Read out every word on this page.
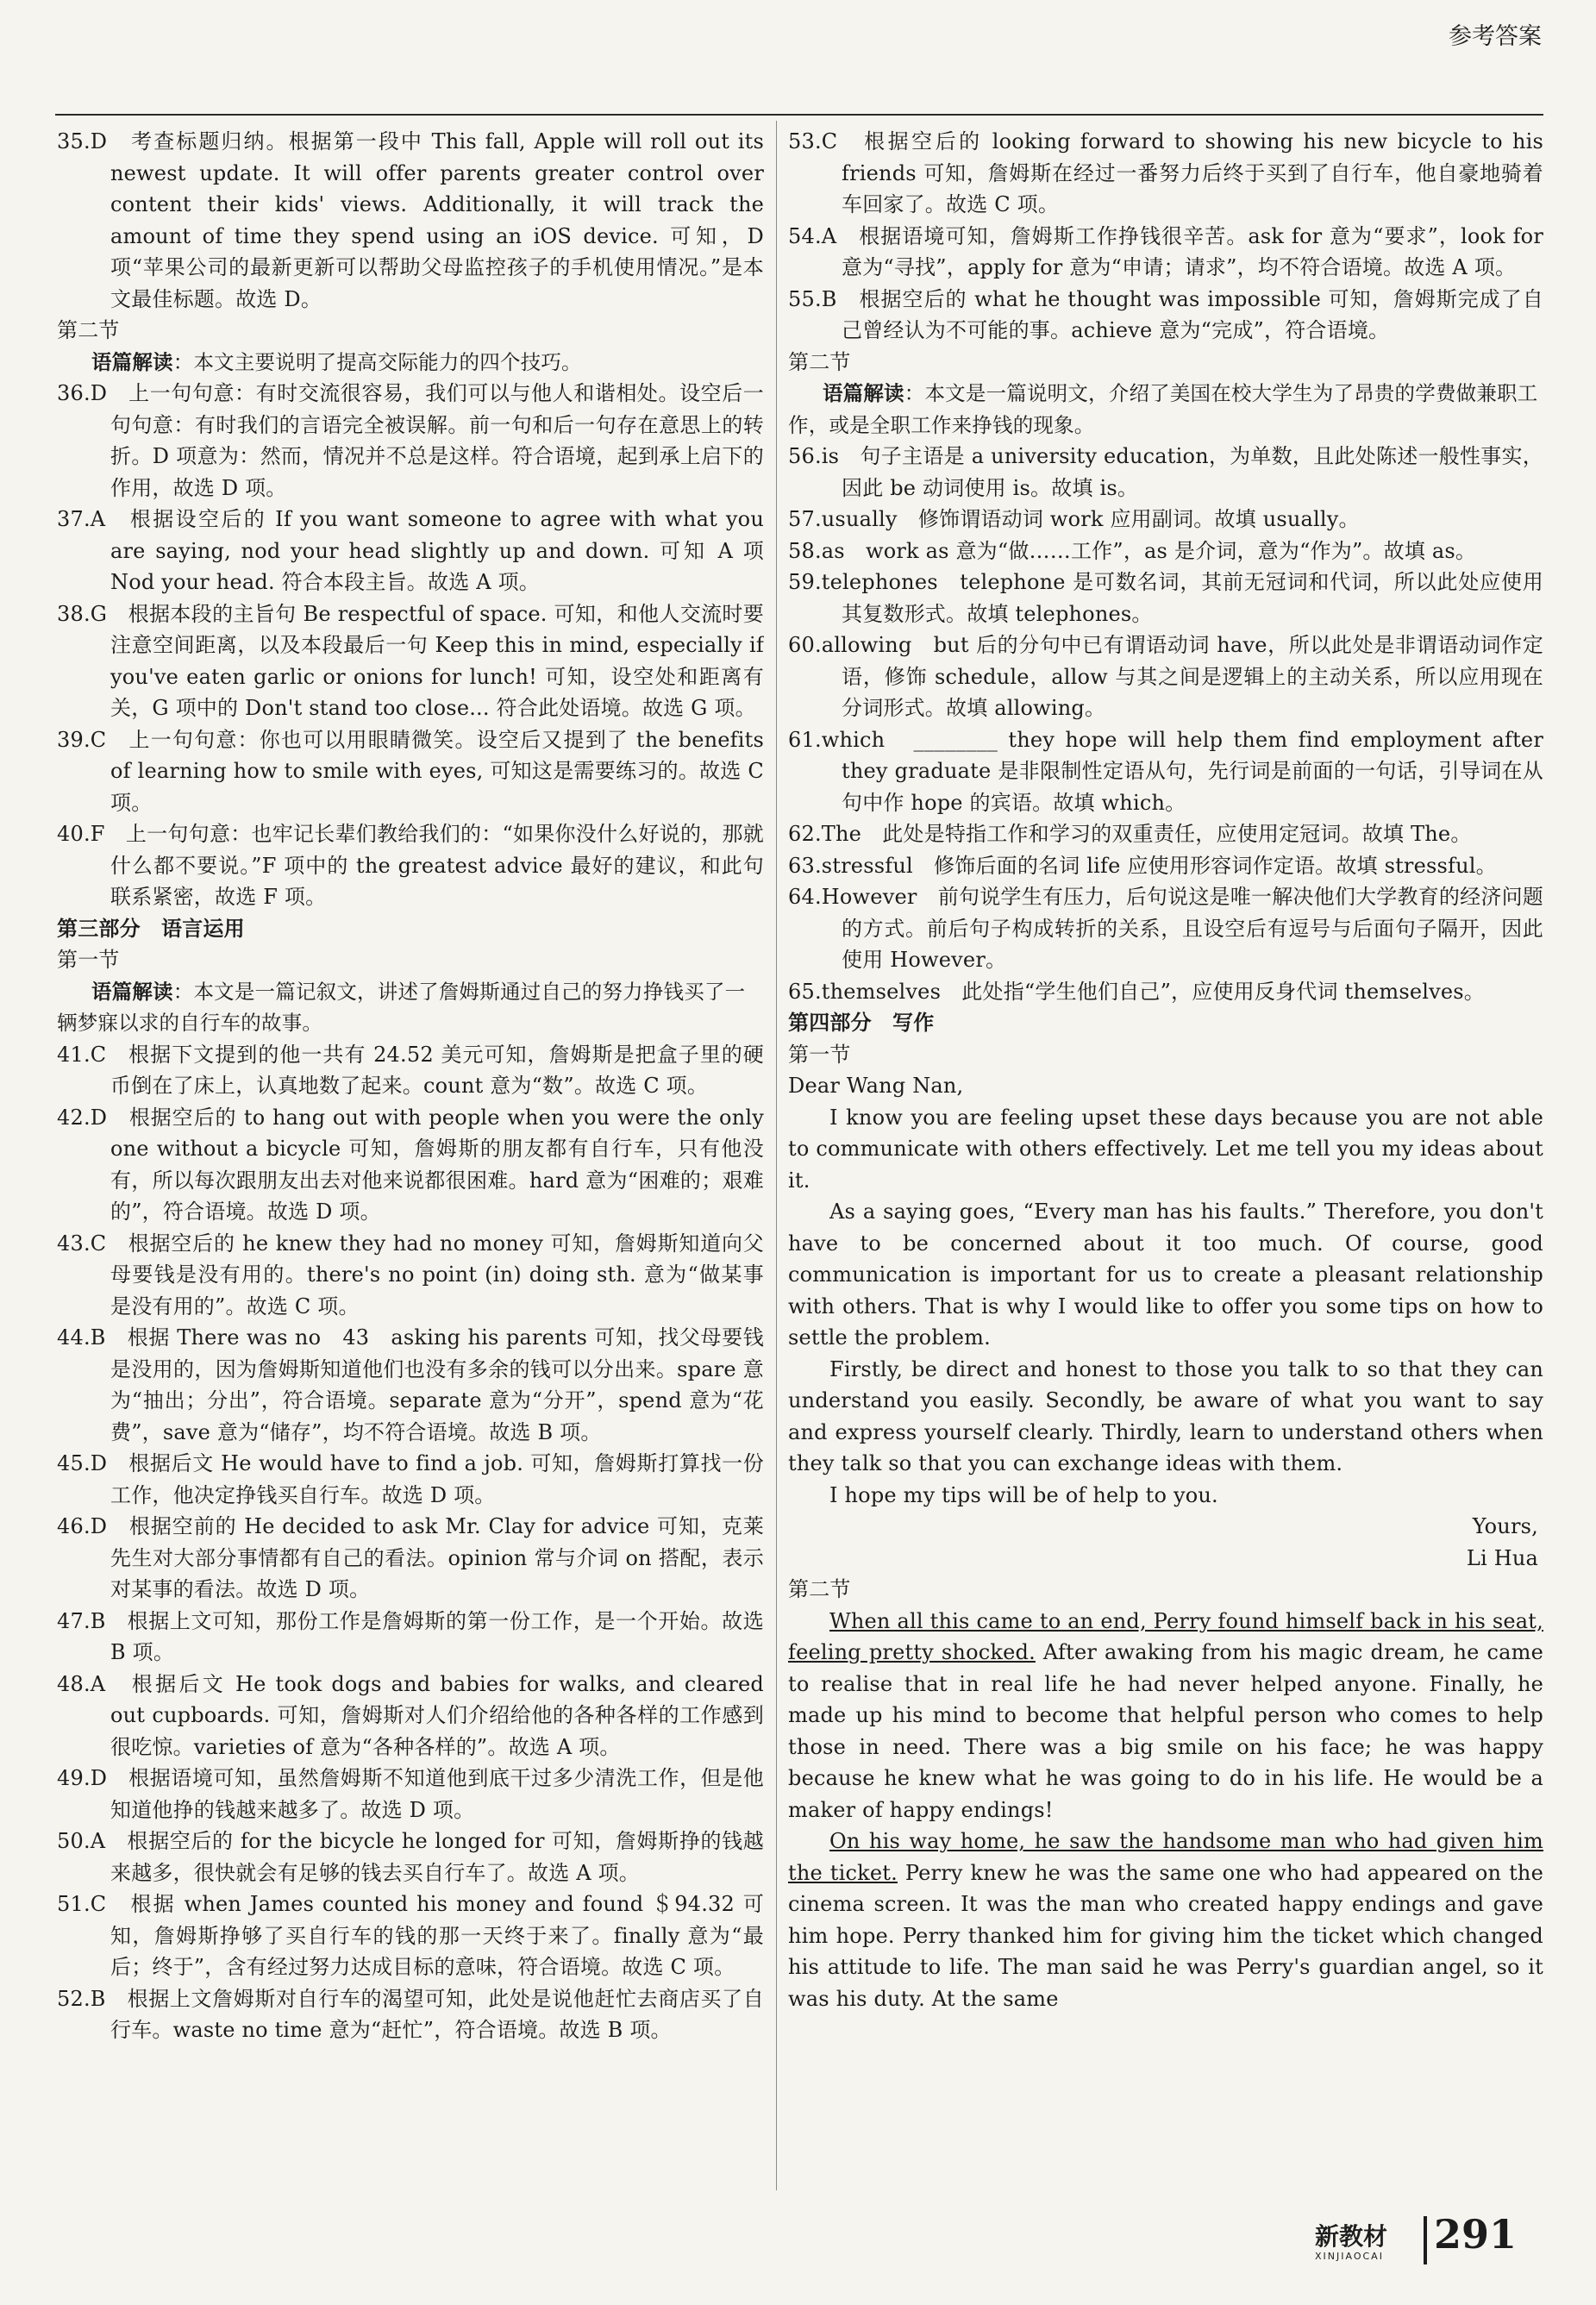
参考答案

35.D　考查标题归纳。根据第一段中 This fall, Apple will roll out its newest update. It will offer parents greater control over content their kids' views. Additionally, it will track the amount of time they spend using an iOS device. 可知，D 项“苹果公司的最新更新可以帮助父母监控孩子的手机使用情况。”是本文最佳标题。故选 D。

第二节

语篇解读：本文主要说明了提高交际能力的四个技巧。

36.D　上一句句意：有时交流很容易，我们可以与他人和谐相处。设空后一句句意：有时我们的言语完全被误解。前一句和后一句存在意思上的转折。D 项意为：然而，情况并不总是这样。符合语境，起到承上启下的作用，故选 D 项。

37.A　根据设空后的 If you want someone to agree with what you are saying, nod your head slightly up and down. 可知 A 项 Nod your head. 符合本段主旨。故选 A 项。

38.G　根据本段的主旨句 Be respectful of space. 可知，和他人交流时要注意空间距离，以及本段最后一句 Keep this in mind, especially if you've eaten garlic or onions for lunch! 可知，设空处和距离有关，G 项中的 Don't stand too close... 符合此处语境。故选 G 项。

39.C　上一句句意：你也可以用眼睛微笑。设空后又提到了 the benefits of learning how to smile with eyes, 可知这是需要练习的。故选 C 项。

40.F　上一句句意：也牢记长辈们教给我们的：“如果你没什么好说的，那就什么都不要说。”F 项中的 the greatest advice 最好的建议，和此句联系紧密，故选 F 项。

第三部分　语言运用

第一节

语篇解读：本文是一篇记叙文，讲述了詹姆斯通过自己的努力挣钱买了一辆梦寐以求的自行车的故事。

41.C　根据下文提到的他一共有 24.52 美元可知，詹姆斯是把盒子里的硬币倒在了床上，认真地数了起来。count 意为“数”。故选 C 项。

42.D　根据空后的 to hang out with people when you were the only one without a bicycle 可知，詹姆斯的朋友都有自行车，只有他没有，所以每次跟朋友出去对他来说都很困难。hard 意为“困难的；艰难的”，符合语境。故选 D 项。

43.C　根据空后的 he knew they had no money 可知，詹姆斯知道向父母要钱是没有用的。there's no point (in) doing sth. 意为“做某事是没有用的”。故选 C 项。

44.B　根据 There was no　43　asking his parents 可知，找父母要钱是没用的，因为詹姆斯知道他们也没有多余的钱可以分出来。spare 意为“抽出；分出”，符合语境。separate 意为“分开”，spend 意为“花费”，save 意为“储存”，均不符合语境。故选 B 项。

45.D　根据后文 He would have to find a job. 可知，詹姆斯打算找一份工作，他决定挣钱买自行车。故选 D 项。

46.D　根据空前的 He decided to ask Mr. Clay for advice 可知，克莱先生对大部分事情都有自己的看法。opinion 常与介词 on 搭配，表示对某事的看法。故选 D 项。

47.B　根据上文可知，那份工作是詹姆斯的第一份工作，是一个开始。故选 B 项。

48.A　根据后文 He took dogs and babies for walks, and cleared out cupboards. 可知，詹姆斯对人们介绍给他的各种各样的工作感到很吃惊。varieties of 意为“各种各样的”。故选 A 项。

49.D　根据语境可知，虽然詹姆斯不知道他到底干过多少清洗工作，但是他知道他挣的钱越来越多了。故选 D 项。

50.A　根据空后的 for the bicycle he longed for 可知，詹姆斯挣的钱越来越多，很快就会有足够的钱去买自行车了。故选 A 项。

51.C　根据 when James counted his money and found ＄94.32 可知，詹姆斯挣够了买自行车的钱的那一天终于来了。finally 意为“最后；终于”，含有经过努力达成目标的意味，符合语境。故选 C 项。

52.B　根据上文詹姆斯对自行车的渴望可知，此处是说他赶忙去商店买了自行车。waste no time 意为“赶忙”，符合语境。故选 B 项。

53.C　根据空后的 looking forward to showing his new bicycle to his friends 可知，詹姆斯在经过一番努力后终于买到了自行车，他自豪地骑着车回家了。故选 C 项。

54.A　根据语境可知，詹姆斯工作挣钱很辛苦。ask for 意为“要求”，look for 意为“寻找”，apply for 意为“申请；请求”，均不符合语境。故选 A 项。

55.B　根据空后的 what he thought was impossible 可知，詹姆斯完成了自己曾经认为不可能的事。achieve 意为“完成”，符合语境。

第二节

语篇解读：本文是一篇说明文，介绍了美国在校大学生为了昂贵的学费做兼职工作，或是全职工作来挣钱的现象。

56.is　句子主语是 a university education，为单数，且此处陈述一般性事实，因此 be 动词使用 is。故填 is。

57.usually　修饰谓语动词 work 应用副词。故填 usually。

58.as　work as 意为“做……工作”，as 是介词，意为“作为”。故填 as。

59.telephones　telephone 是可数名词，其前无冠词和代词，所以此处应使用其复数形式。故填 telephones。

60.allowing　but 后的分句中已有谓语动词 have，所以此处是非谓语动词作定语，修饰 schedule，allow 与其之间是逻辑上的主动关系，所以应用现在分词形式。故填 allowing。

61.which　________ they hope will help them find employment after they graduate 是非限制性定语从句，先行词是前面的一句话，引导词在从句中作 hope 的宾语。故填 which。

62.The　此处是特指工作和学习的双重责任，应使用定冠词。故填 The。

63.stressful　修饰后面的名词 life 应使用形容词作定语。故填 stressful。

64.However　前句说学生有压力，后句说这是唯一解决他们大学教育的经济问题的方式。前后句子构成转折的关系，且设空后有逗号与后面句子隔开，因此使用 However。

65.themselves　此处指“学生他们自己”，应使用反身代词 themselves。

第四部分　写作

第一节

Dear Wang Nan,

I know you are feeling upset these days because you are not able to communicate with others effectively. Let me tell you my ideas about it.

As a saying goes, “Every man has his faults.” Therefore, you don't have to be concerned about it too much. Of course, good communication is important for us to create a pleasant relationship with others. That is why I would like to offer you some tips on how to settle the problem.

Firstly, be direct and honest to those you talk to so that they can understand you easily. Secondly, be aware of what you want to say and express yourself clearly. Thirdly, learn to understand others when they talk so that you can exchange ideas with them.

I hope my tips will be of help to you.

Yours,

Li Hua

第二节

When all this came to an end, Perry found himself back in his seat, feeling pretty shocked. After awaking from his magic dream, he came to realise that in real life he had never helped anyone. Finally, he made up his mind to become that helpful person who comes to help those in need. There was a big smile on his face; he was happy because he knew what he was going to do in his life. He would be a maker of happy endings!

On his way home, he saw the handsome man who had given him the ticket. Perry knew he was the same one who had appeared on the cinema screen. It was the man who created happy endings and gave him hope. Perry thanked him for giving him the ticket which changed his attitude to life. The man said he was Perry's guardian angel, so it was his duty. At the same

新教材
XINJIAOCAI 291
